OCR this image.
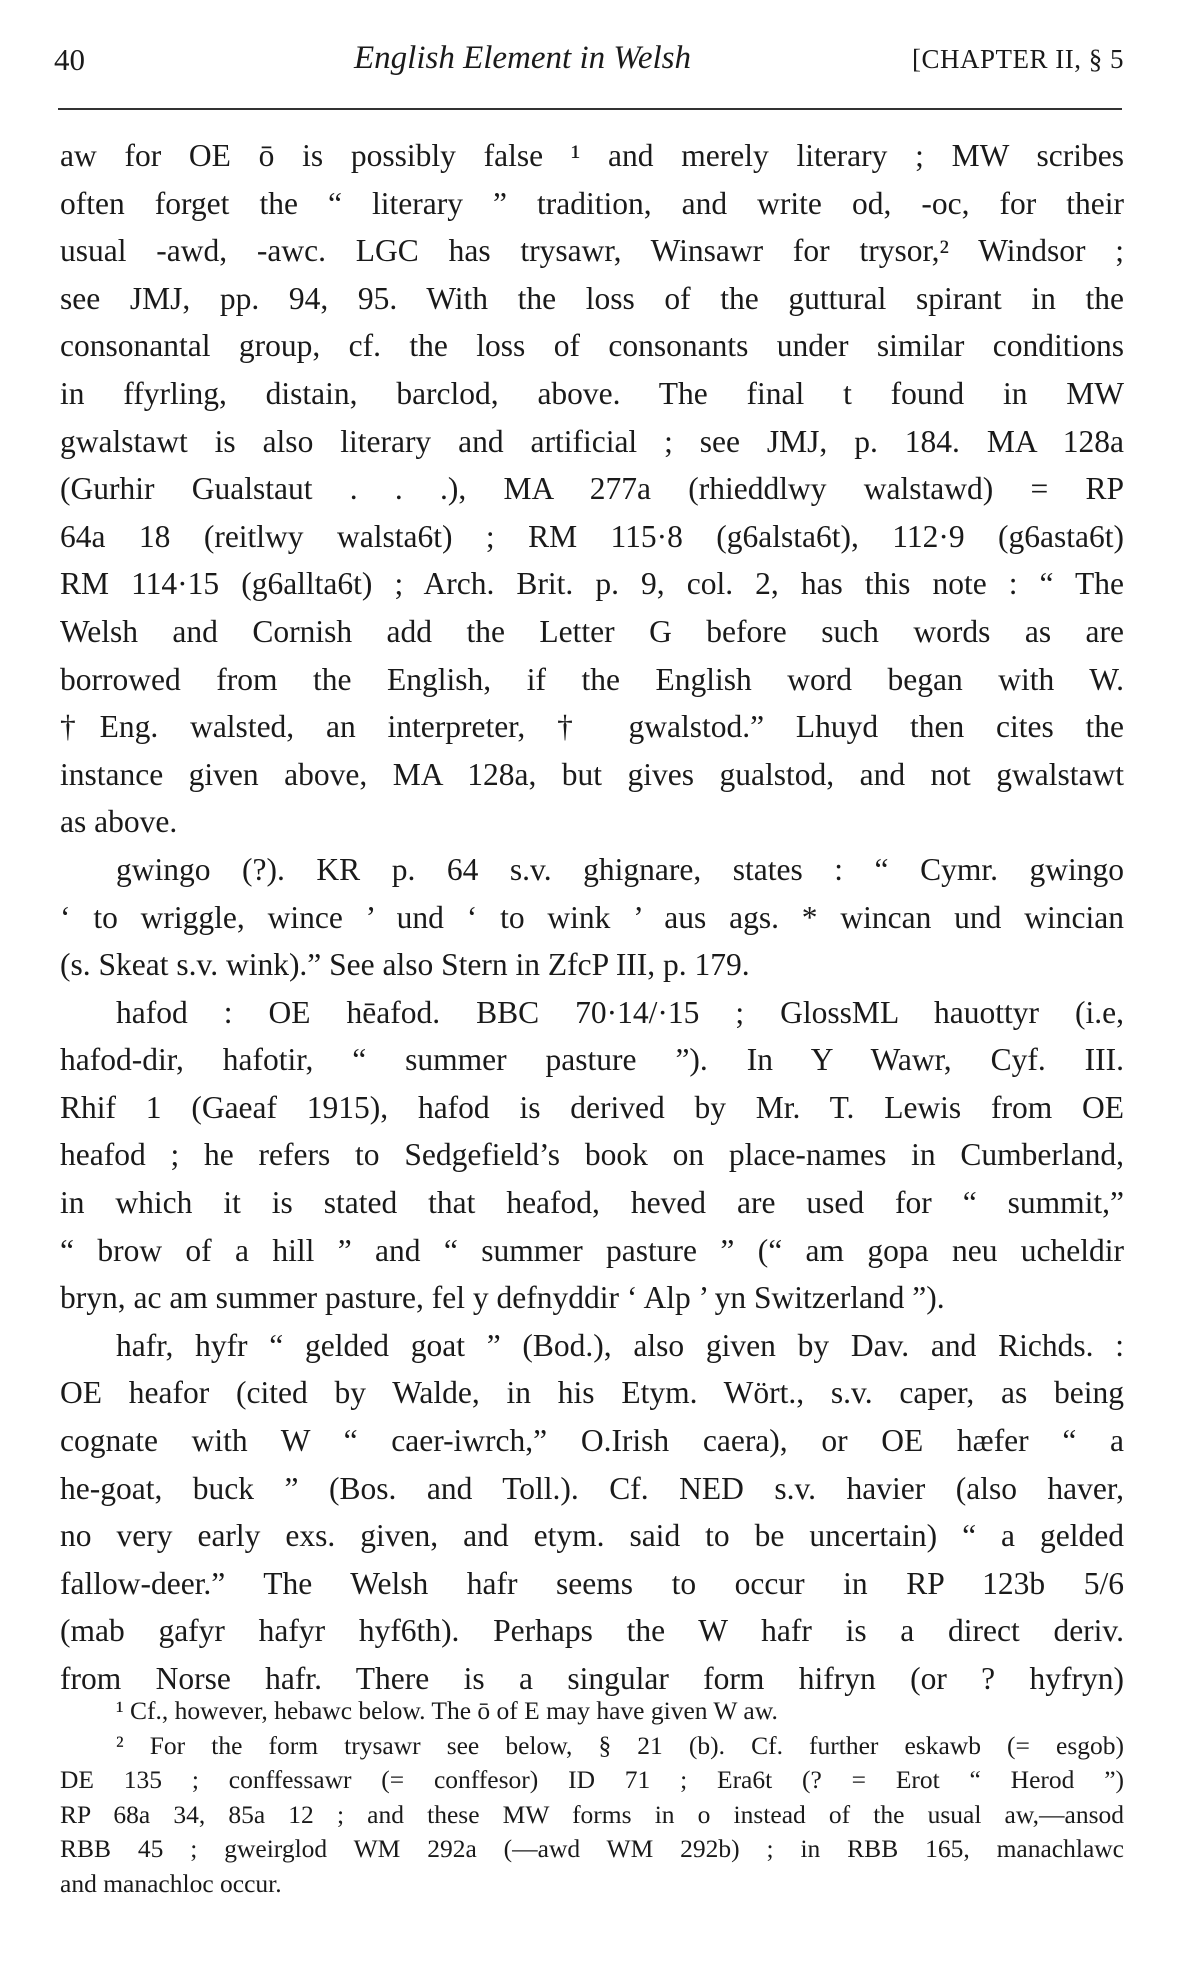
40	English Element in Welsh	[CHAPTER II, § 5
aw for OE ō is possibly false ¹ and merely literary ; MW scribes
often forget the “ literary ” tradition, and write od, -oc, for their
usual -awd, -awc. LGC has trysawr, Winsawr for trysor,² Windsor ;
see JMJ, pp. 94, 95. With the loss of the guttural spirant in the
consonantal group, cf. the loss of consonants under similar conditions
in ffyrling, distain, barclod, above. The final t found in MW
gwalstawt is also literary and artificial ; see JMJ, p. 184. MA 128a
(Gurhir Gualstaut . . .), MA 277a (rhieddlwy walstawd) = RP
64a 18 (reitlwy walsta6t) ; RM 115·8 (g6alsta6t), 112·9 (g6asta6t)
RM 114·15 (g6allta6t) ; Arch. Brit. p. 9, col. 2, has this note : “ The
Welsh and Cornish add the Letter G before such words as are
borrowed from the English, if the English word began with W.
†Eng. walsted, an interpreter, † gwalstod.” Lhuyd then cites the
instance given above, MA 128a, but gives gualstod, and not gwalstawt
as above.
gwingo (?). KR p. 64 s.v. ghignare, states : “ Cymr. gwingo
‘ to wriggle, wince ’ und ‘ to wink ’ aus ags. * wincan und wincian
(s. Skeat s.v. wink).” See also Stern in ZfcP III, p. 179.
hafod : OE hēafod. BBC 70·14/·15 ; GlossML hauottyr (i.e,
hafod-dir, hafotir, “ summer pasture ”). In Y Wawr, Cyf. III.
Rhif 1 (Gaeaf 1915), hafod is derived by Mr. T. Lewis from OE
heafod ; he refers to Sedgefield’s book on place-names in Cumberland,
in which it is stated that heafod, heved are used for “ summit,”
“ brow of a hill ” and “ summer pasture ” (“ am gopa neu ucheldir
bryn, ac am summer pasture, fel y defnyddir ‘ Alp ’ yn Switzerland ”).
hafr, hyfr “ gelded goat ” (Bod.), also given by Dav. and Richds. :
OE heafor (cited by Walde, in his Etym. Wört., s.v. caper, as being
cognate with W “ caer-iwrch,” O.Irish caera), or OE hæfer “ a
he-goat, buck ” (Bos. and Toll.). Cf. NED s.v. havier (also haver,
no very early exs. given, and etym. said to be uncertain) “ a gelded
fallow-deer.” The Welsh hafr seems to occur in RP 123b 5/6
(mab gafyr hafyr hyf6th). Perhaps the W hafr is a direct deriv.
from Norse hafr. There is a singular form hifryn (or ? hyfryn)
¹ Cf., however, hebawc below. The ō of E may have given W aw.
² For the form trysawr see below, § 21 (b). Cf. further eskawb (= esgob)
DE 135 ; conffessawr (= conffesor) ID 71 ; Era6t (? = Erot “ Herod ”)
RP 68a 34, 85a 12 ; and these MW forms in o instead of the usual aw,—ansod
RBB 45 ; gweirglod WM 292a (—awd WM 292b) ; in RBB 165, manachlawc
and manachloc occur.
